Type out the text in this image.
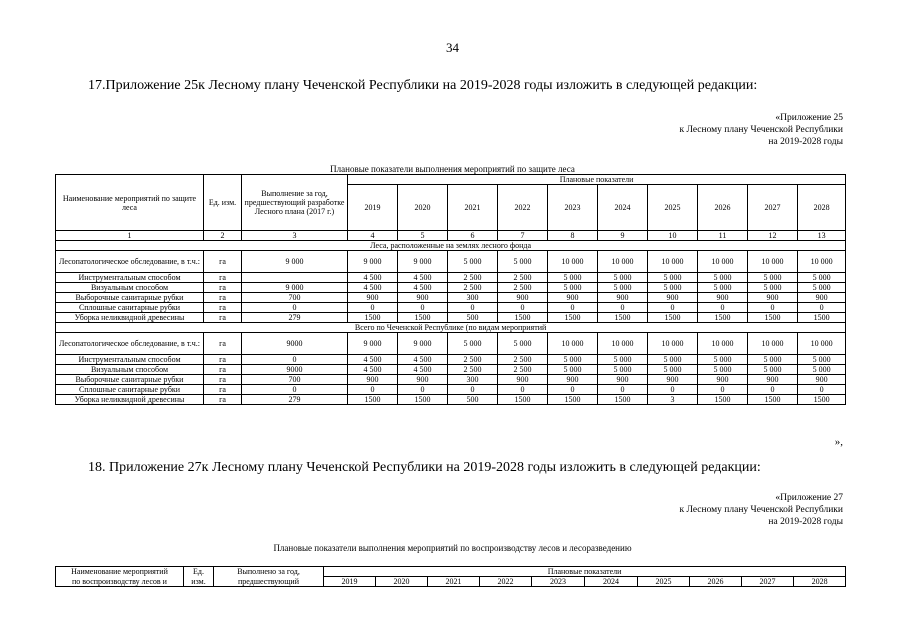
34
17.Приложение 25к Лесному плану Чеченской Республики на 2019-2028 годы изложить в следующей редакции:
«Приложение 25
к Лесному плану Чеченской Республики
на 2019-2028 годы
Плановые показатели выполнения мероприятий по защите леса
Наименование мероприятий по защите леса	Ед. изм.	Выполнение за год, предшествующий разработке Лесного плана (2017 г.)	Плановые показатели									
			2019	2020	2021	2022	2023	2024	2025	2026	2027	2028
1	2	3	4	5	6	7	8	9	10	11	12	13
Леса, расположенные на землях лесного фонда												
Лесопатологическое обследование, в т.ч.:	га	9 000	9 000	9 000	5 000	5 000	10 000	10 000	10 000	10 000	10 000	10 000
Инструментальным способом	га		4 500	4 500	2 500	2 500	5 000	5 000	5 000	5 000	5 000	5 000
Визуальным способом	га	9 000	4 500	4 500	2 500	2 500	5 000	5 000	5 000	5 000	5 000	5 000
Выборочные санитарные рубки	га	700	900	900	300	900	900	900	900	900	900	900
Сплошные санитарные рубки	га	0	0	0	0	0	0	0	0	0	0	0
Уборка неликвидной древесины	га	279	1500	1500	500	1500	1500	1500	1500	1500	1500	1500
Всего по Чеченской Республике (по видам мероприятий												
Лесопатологическое обследование, в т.ч.:	га	9000	9 000	9 000	5 000	5 000	10 000	10 000	10 000	10 000	10 000	10 000
Инструментальным способом	га	0	4 500	4 500	2 500	2 500	5 000	5 000	5 000	5 000	5 000	5 000
Визуальным способом	га	9000	4 500	4 500	2 500	2 500	5 000	5 000	5 000	5 000	5 000	5 000
Выборочные санитарные рубки	га	700	900	900	300	900	900	900	900	900	900	900
Сплошные санитарные рубки	га	0	0	0	0	0	0	0	0	0	0	0
Уборка неликвидной древесины	га	279	1500	1500	500	1500	1500	1500	3	1500	1500	1500
»,
18. Приложение 27к Лесному плану Чеченской Республики на 2019-2028 годы изложить в следующей редакции:
«Приложение 27
к Лесному плану Чеченской Республики
на 2019-2028 годы
Плановые показатели выполнения мероприятий по воспроизводству лесов и лесоразведению
Наименование мероприятий	Ед.	Выполнено за год,	Плановые показатели									
по воспроизводству лесов и	изм.	предшествующий	2019	2020	2021	2022	2023	2024	2025	2026	2027	2028
